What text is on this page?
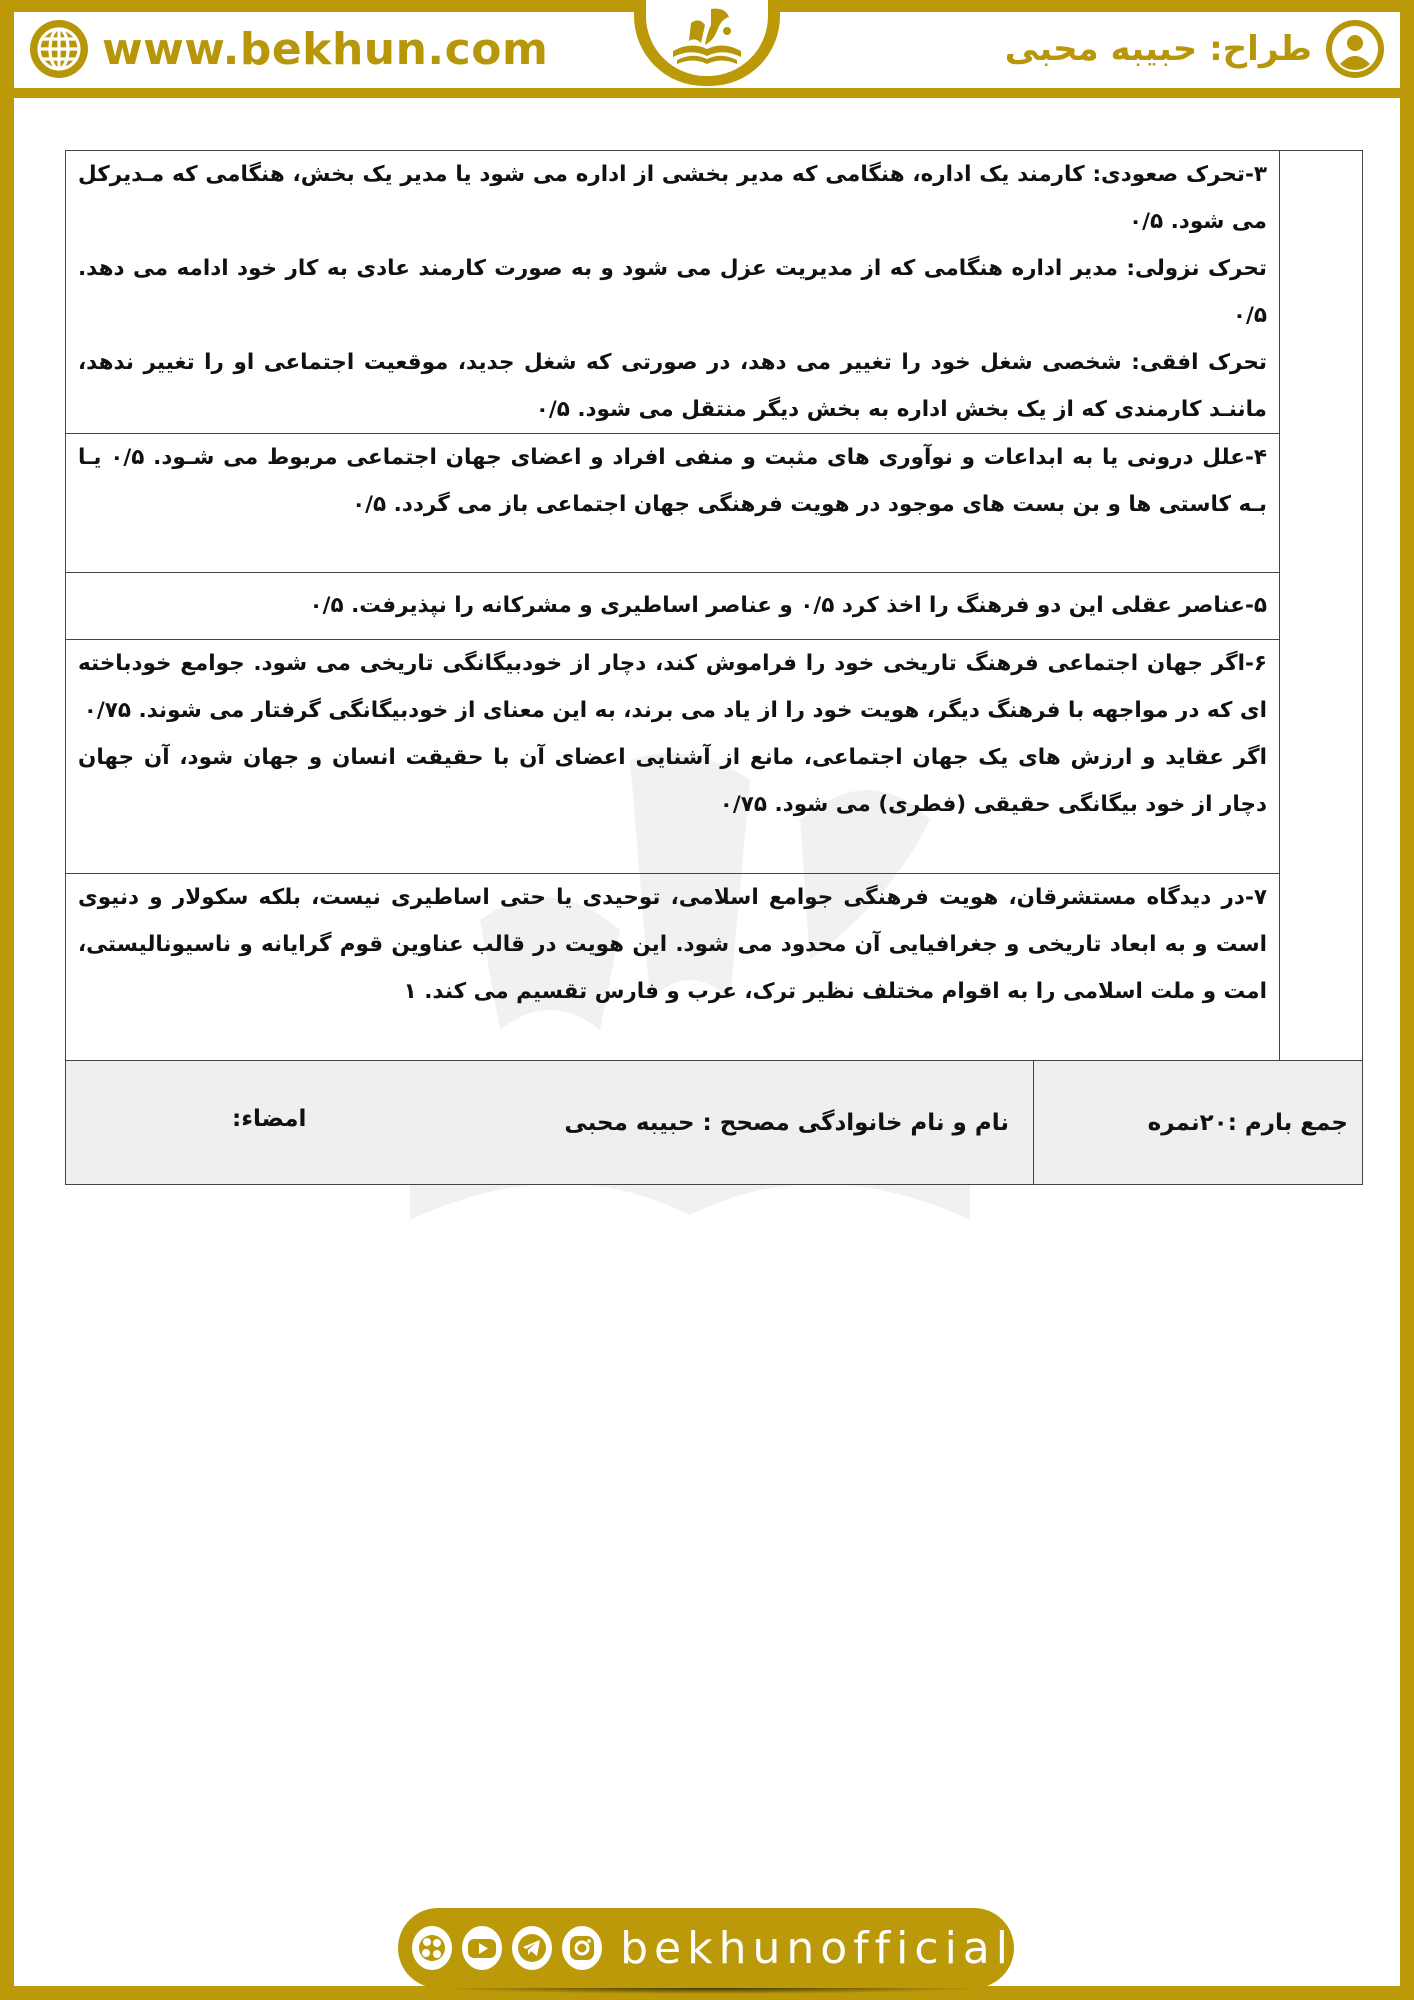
www.bekhun.com	طراح: حبیبه محبی

۳-تحرک صعودی: کارمند یک اداره، هنگامی که مدیر بخشی از اداره می شود یا مدیر یک بخش، هنگامی که مـدیرکل می شود. ۰/۵

تحرک نزولی: مدیر اداره هنگامی که از مدیریت عزل می شود و به صورت کارمند عادی به کار خود ادامه می دهد. ۰/۵

تحرک افقی: شخصی شغل خود را تغییر می دهد، در صورتی که شغل جدید، موقعیت اجتماعی او را تغییر ندهد، ماننـد کارمندی که از یک بخش اداره به بخش دیگر منتقل می شود. ۰/۵

۴-علل درونی یا به ابداعات و نوآوری های مثبت و منفی افراد و اعضای جهان اجتماعی مربوط می شـود. ۰/۵ یـا بـه کاستی ها و بن بست های موجود در هویت فرهنگی جهان اجتماعی باز می گردد. ۰/۵

۵-عناصر عقلی این دو فرهنگ را اخذ کرد ۰/۵ و عناصر اساطیری و مشرکانه را نپذیرفت. ۰/۵

۶-اگر جهان اجتماعی فرهنگ تاریخی خود را فراموش کند، دچار از خودبیگانگی تاریخی می شود. جوامع خودباخته ای که در مواجهه با فرهنگ دیگر، هویت خود را از یاد می برند، به این معنای از خودبیگانگی گرفتار می شوند. ۰/۷۵

اگر عقاید و ارزش های یک جهان اجتماعی، مانع از آشنایی اعضای آن با حقیقت انسان و جهان شود، آن جهان دچار از خود بیگانگی حقیقی (فطری) می شود. ۰/۷۵

۷-در دیدگاه مستشرقان، هویت فرهنگی جوامع اسلامی، توحیدی یا حتی اساطیری نیست، بلکه سکولار و دنیوی است و به ابعاد تاریخی و جغرافیایی آن محدود می شود. این هویت در قالب عناوین قوم گرایانه و ناسیونالیستی، امت و ملت اسلامی را به اقوام مختلف نظیر ترک، عرب و فارس تقسیم می کند. ۱

جمع بارم :۲۰نمره
نام و نام خانوادگی مصحح : حبیبه محبی
امضاء:
bekhunofficial
